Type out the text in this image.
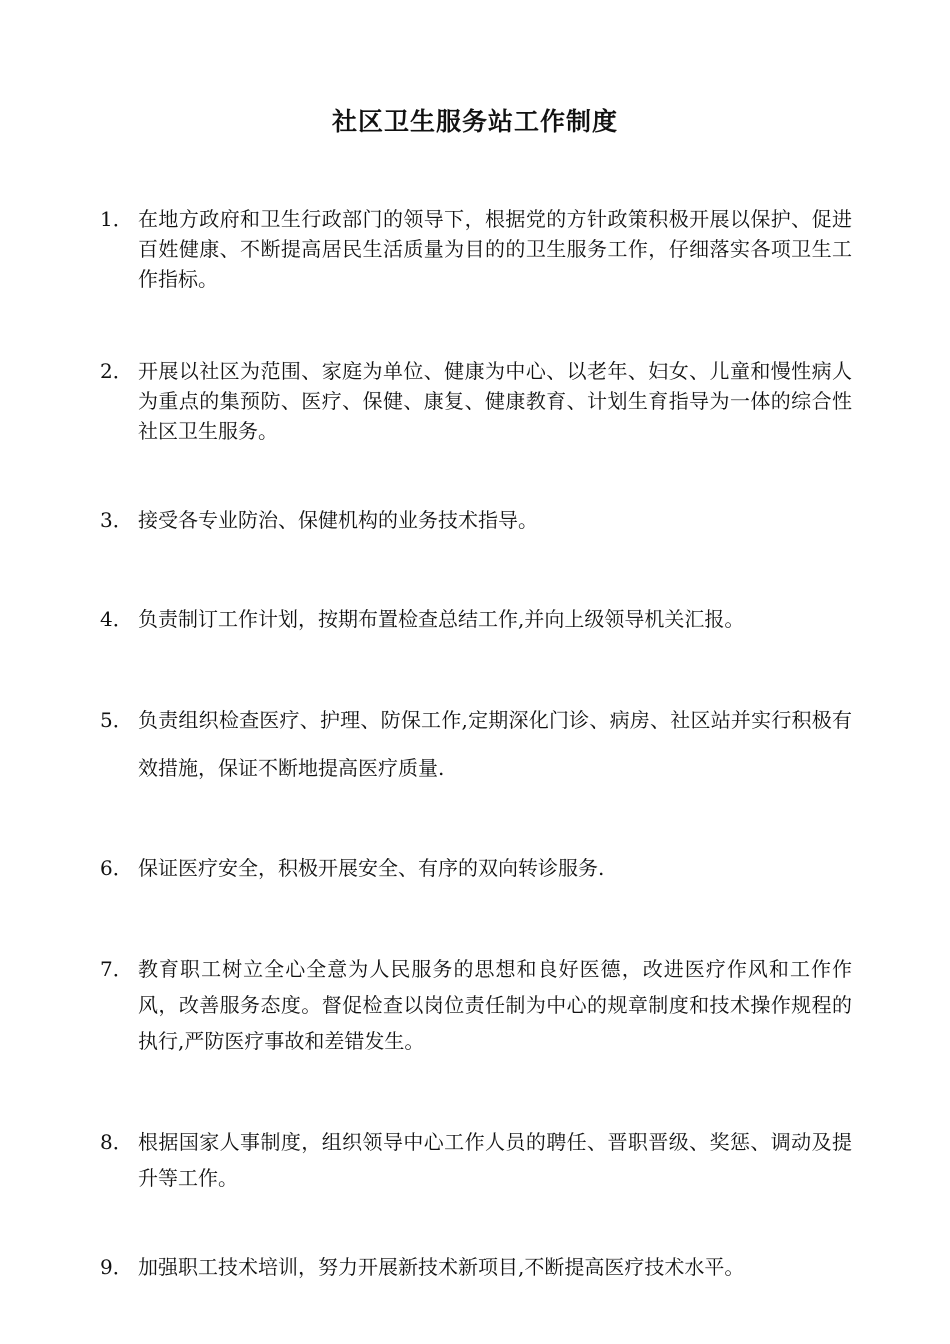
社区卫生服务站工作制度
1． 在地方政府和卫生行政部门的领导下，根据党的方针政策积极开展以保护、促进百姓健康、不断提高居民生活质量为目的的卫生服务工作，仔细落实各项卫生工作指标。
2． 开展以社区为范围、家庭为单位、健康为中心、以老年、妇女、儿童和慢性病人为重点的集预防、医疗、保健、康复、健康教育、计划生育指导为一体的综合性社区卫生服务。
3． 接受各专业防治、保健机构的业务技术指导。
4． 负责制订工作计划，按期布置检查总结工作,并向上级领导机关汇报。
5． 负责组织检查医疗、护理、防保工作,定期深化门诊、病房、社区站并实行积极有效措施，保证不断地提高医疗质量.
6． 保证医疗安全，积极开展安全、有序的双向转诊服务.
7． 教育职工树立全心全意为人民服务的思想和良好医德，改进医疗作风和工作作风，改善服务态度。督促检查以岗位责任制为中心的规章制度和技术操作规程的执行,严防医疗事故和差错发生。
8． 根据国家人事制度，组织领导中心工作人员的聘任、晋职晋级、奖惩、调动及提升等工作。
9． 加强职工技术培训，努力开展新技术新项目,不断提高医疗技术水平。
